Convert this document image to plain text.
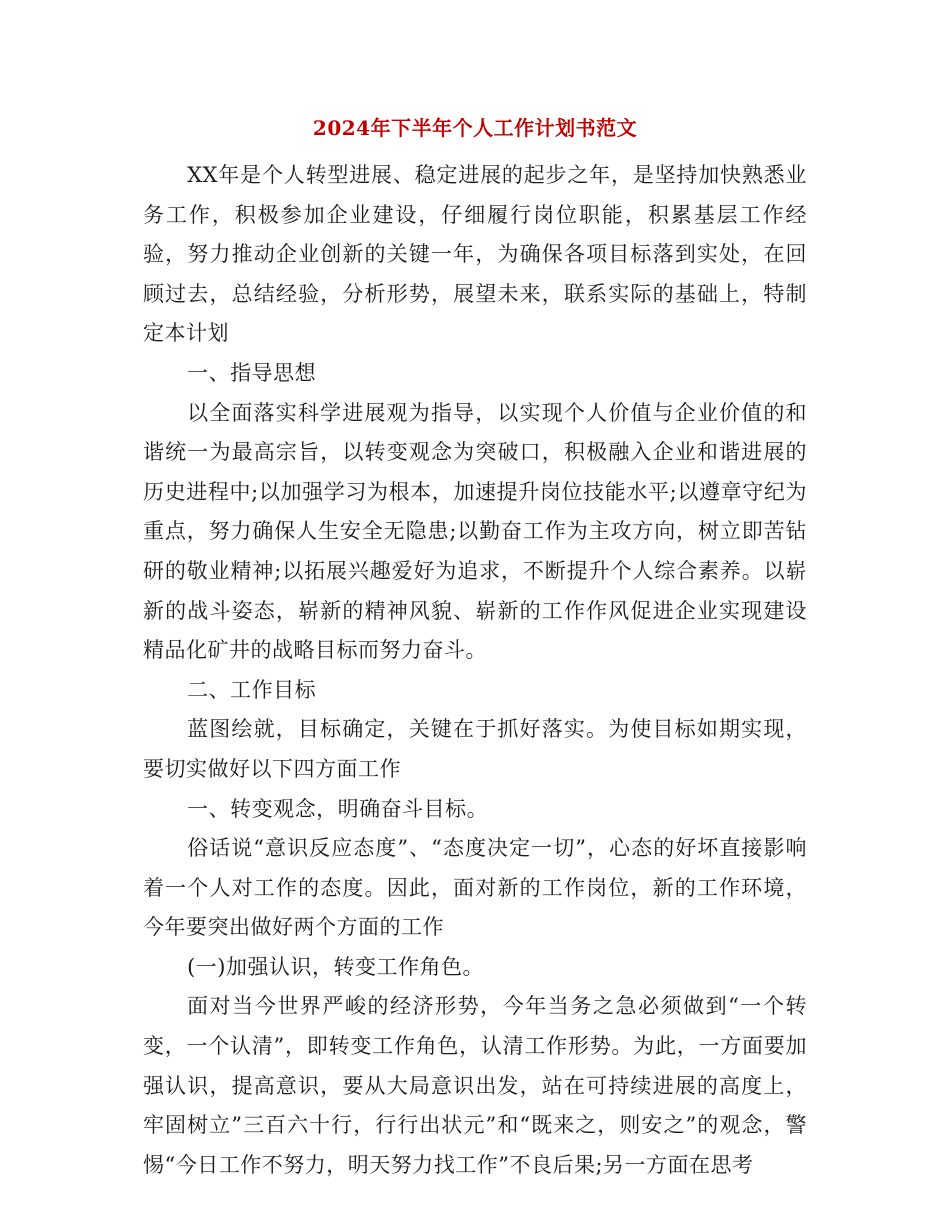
2024年下半年个人工作计划书范文

XX年是个人转型进展、稳定进展的起步之年，是坚持加快熟悉业务工作，积极参加企业建设，仔细履行岗位职能，积累基层工作经验，努力推动企业创新的关键一年，为确保各项目标落到实处，在回顾过去，总结经验，分析形势，展望未来，联系实际的基础上，特制定本计划

一、指导思想

以全面落实科学进展观为指导，以实现个人价值与企业价值的和谐统一为最高宗旨，以转变观念为突破口，积极融入企业和谐进展的历史进程中;以加强学习为根本，加速提升岗位技能水平;以遵章守纪为重点，努力确保人生安全无隐患;以勤奋工作为主攻方向，树立即苦钻研的敬业精神;以拓展兴趣爱好为追求，不断提升个人综合素养。以崭新的战斗姿态，崭新的精神风貌、崭新的工作作风促进企业实现建设精品化矿井的战略目标而努力奋斗。

二、工作目标

蓝图绘就，目标确定，关键在于抓好落实。为使目标如期实现，要切实做好以下四方面工作

一、转变观念，明确奋斗目标。

俗话说“意识反应态度”、“态度决定一切”，心态的好坏直接影响着一个人对工作的态度。因此，面对新的工作岗位，新的工作环境，今年要突出做好两个方面的工作

(一)加强认识，转变工作角色。

面对当今世界严峻的经济形势，今年当务之急必须做到“一个转变，一个认清”，即转变工作角色，认清工作形势。为此，一方面要加强认识，提高意识，要从大局意识出发，站在可持续进展的高度上，牢固树立”三百六十行，行行出状元”和“既来之，则安之”的观念，警惕“今日工作不努力，明天努力找工作”不良后果;另一方面在思考
